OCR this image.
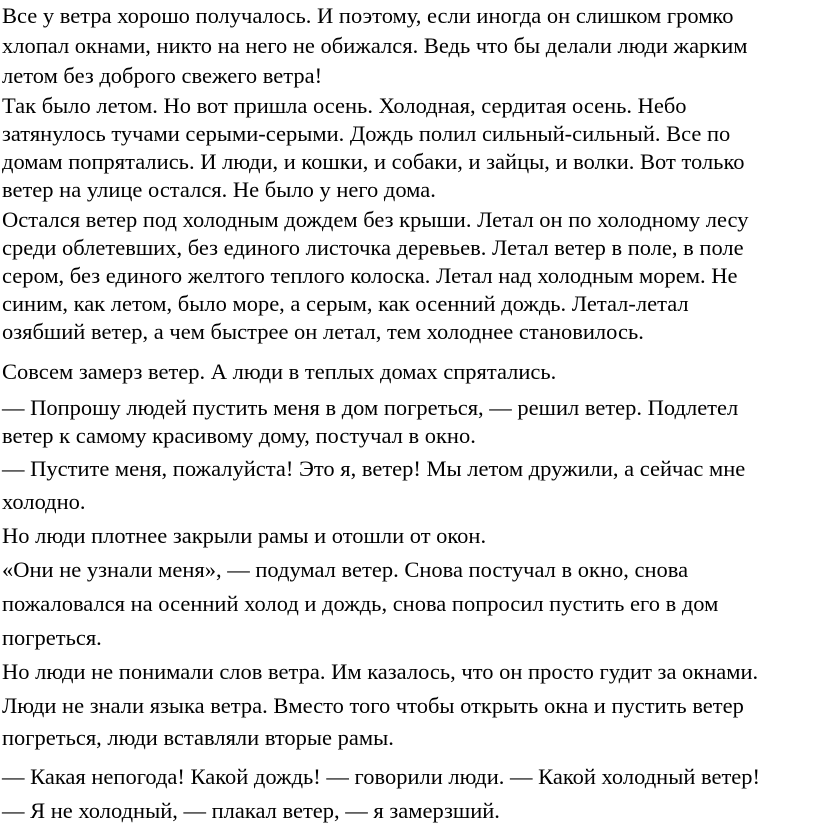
Все у ветра хорошо получалось. И поэтому, если иногда он слишком громко
хлопал окнами, никто на него не обижался. Ведь что бы делали люди жарким
летом без доброго свежего ветра!
Так было летом. Но вот пришла осень. Холодная, сердитая осень. Небо
затянулось тучами серыми-серыми. Дождь полил сильный-сильный. Все по
домам попрятались. И люди, и кошки, и собаки, и зайцы, и волки. Вот только
ветер на улице остался. Не было у него дома.
Остался ветер под холодным дождем без крыши. Летал он по холодному лесу
среди облетевших, без единого листочка деревьев. Летал ветер в поле, в поле
сером, без единого желтого теплого колоска. Летал над холодным морем. Не
синим, как летом, было море, а серым, как осенний дождь. Летал-летал
озябший ветер, а чем быстрее он летал, тем холоднее становилось.
Совсем замерз ветер. А люди в теплых домах спрятались.
— Попрошу людей пустить меня в дом погреться, — решил ветер. Подлетел
ветер к самому красивому дому, постучал в окно.
— Пустите меня, пожалуйста! Это я, ветер! Мы летом дружили, а сейчас мне
холодно.
Но люди плотнее закрыли рамы и отошли от окон.
«Они не узнали меня», — подумал ветер. Снова постучал в окно, снова
пожаловался на осенний холод и дождь, снова попросил пустить его в дом
погреться.
Но люди не понимали слов ветра. Им казалось, что он просто гудит за окнами.
Люди не знали языка ветра. Вместо того чтобы открыть окна и пустить ветер
погреться, люди вставляли вторые рамы.
— Какая непогода! Какой дождь! — говорили люди. — Какой холодный ветер!
— Я не холодный, — плакал ветер, — я замерзший.
